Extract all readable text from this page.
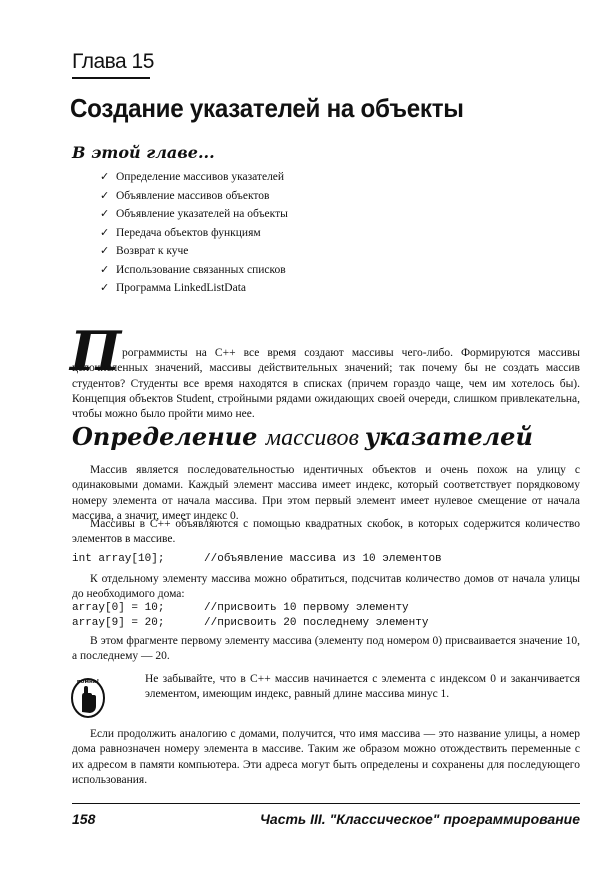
Глава 15
Создание указателей на объекты
В этой главе...
✓ Определение массивов указателей
✓ Объявление массивов объектов
✓ Объявление указателей на объекты
✓ Передача объектов функциям
✓ Возврат к куче
✓ Использование связанных списков
✓ Программа LinkedListData
П рограммисты на С++ все время создают массивы чего-либо. Формируются массивы целочисленных значений, массивы действительных значений; так почему бы не создать массив студентов? Студенты все время находятся в списках (причем гораздо чаще, чем им хотелось бы). Концепция объектов Student, стройными рядами ожидающих своей очереди, слишком привлекательна, чтобы можно было пройти мимо нее.

Определение массивов указателей

Массив является последовательностью идентичных объектов и очень похож на улицу с одинаковыми домами. Каждый элемент массива имеет индекс, который соответствует порядковому номеру элемента от начала массива. При этом первый элемент имеет нулевое смещение от начала массива, а значит, имеет индекс 0.

Массивы в С++ объявляются с помощью квадратных скобок, в которых содержится количество элементов в массиве.

int array[10];      //объявление массива из 10 элементов

К отдельному элементу массива можно обратиться, подсчитав количество домов от начала улицы до необходимого дома:

array[0] = 10;      //присвоить 10 первому элементу
array[9] = 20;      //присвоить 20 последнему элементу

В этом фрагменте первому элементу массива (элементу под номером 0) присваивается значение 10, а последнему — 20.

помни!	Не забывайте, что в С++ массив начинается с элемента с индексом 0 и заканчивается элементом, имеющим индекс, равный длине массива минус 1.

Если продолжить аналогию с домами, получится, что имя массива — это название улицы, а номер дома равнозначен номеру элемента в массиве. Таким же образом можно отождествить переменные с их адресом в памяти компьютера. Эти адреса могут быть определены и сохранены для последующего использования.

158	Часть III. "Классическое" программирование
